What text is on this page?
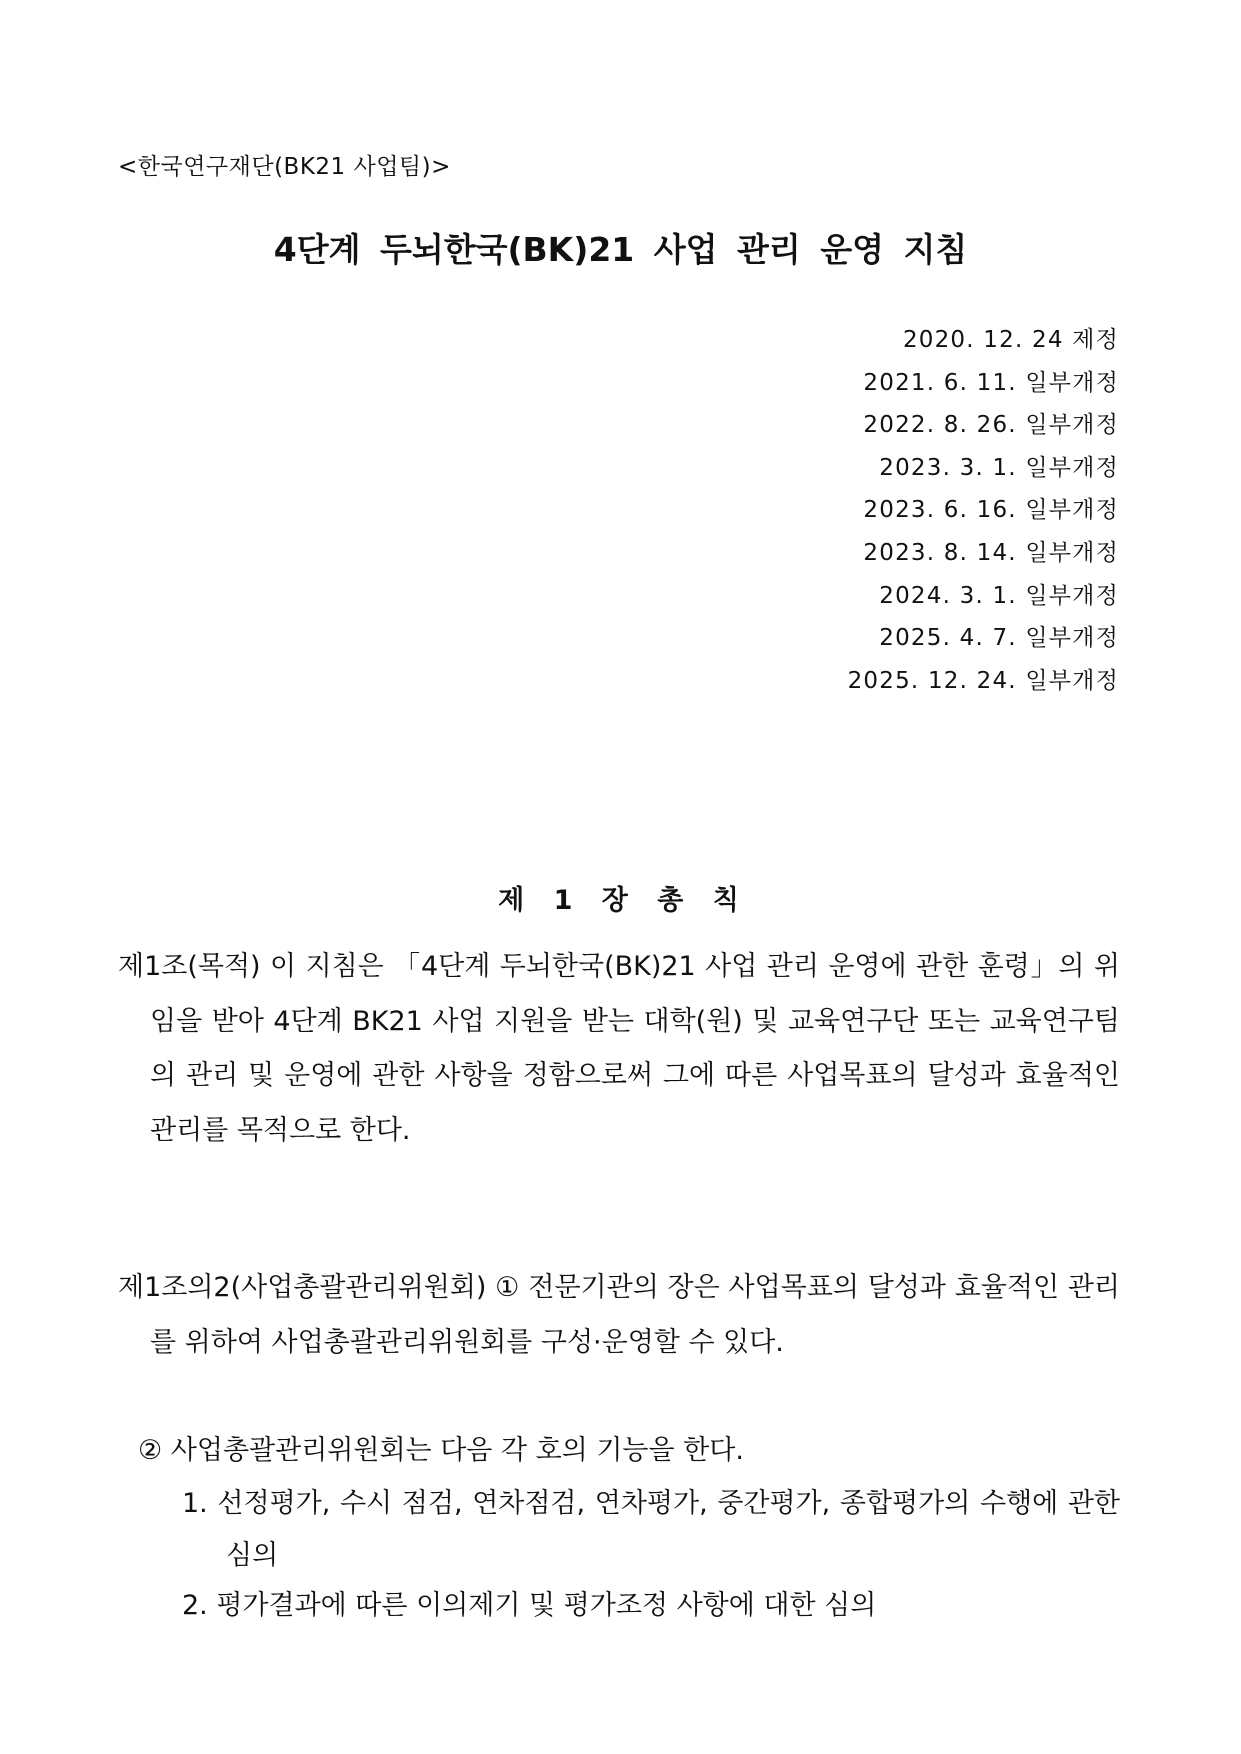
<한국연구재단(BK21 사업팀)>
4단계 두뇌한국(BK)21 사업 관리 운영 지침
2020. 12. 24 제정
2021. 6. 11. 일부개정
2022. 8. 26. 일부개정
2023. 3. 1. 일부개정
2023. 6. 16. 일부개정
2023. 8. 14. 일부개정
2024. 3. 1. 일부개정
2025. 4. 7. 일부개정
2025. 12. 24. 일부개정
제 1 장 총 칙

제1조(목적) 이 지침은 「4단계 두뇌한국(BK)21 사업 관리 운영에 관한 훈령」의 위임을 받아 4단계 BK21 사업 지원을 받는 대학(원) 및 교육연구단 또는 교육연구팀의 관리 및 운영에 관한 사항을 정함으로써 그에 따른 사업목표의 달성과 효율적인 관리를 목적으로 한다.

제1조의2(사업총괄관리위원회) ① 전문기관의 장은 사업목표의 달성과 효율적인 관리를 위하여 사업총괄관리위원회를 구성·운영할 수 있다.

② 사업총괄관리위원회는 다음 각 호의 기능을 한다.

1. 선정평가, 수시 점검, 연차점검, 연차평가, 중간평가, 종합평가의 수행에 관한 심의

2. 평가결과에 따른 이의제기 및 평가조정 사항에 대한 심의
